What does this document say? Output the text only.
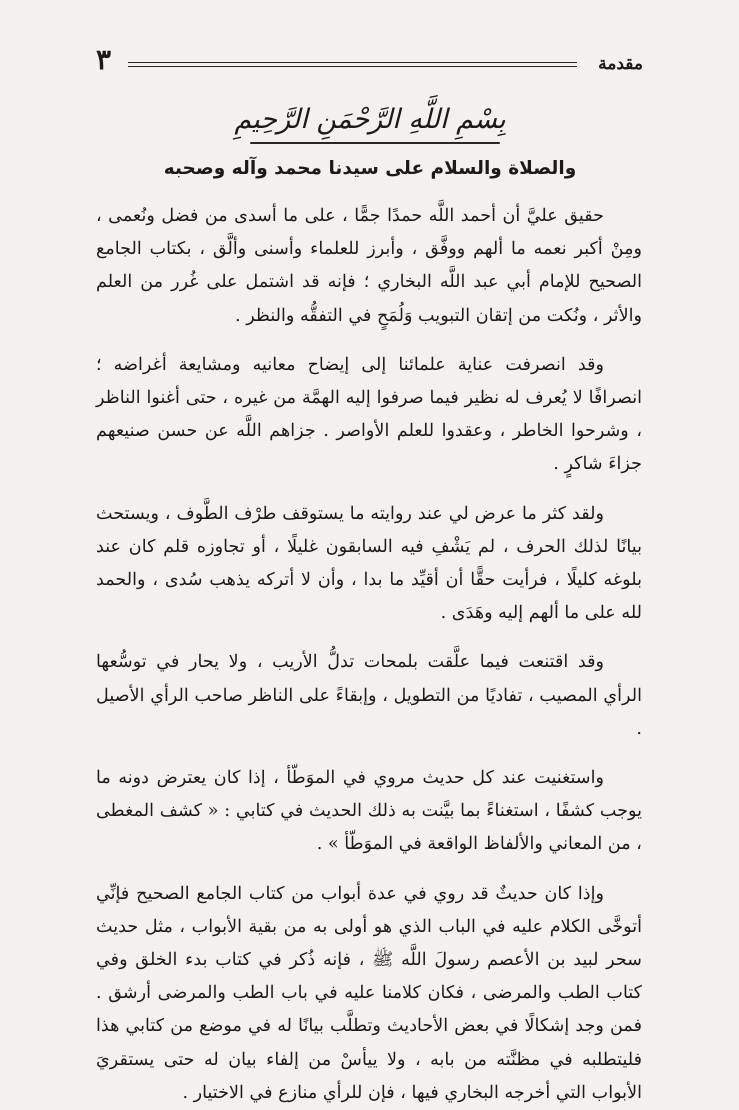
مقدمة
٣
بِسْمِ اللَّهِ الرَّحْمَنِ الرَّحِيمِ
والصلاة والسلام على سيدنا محمد وآله وصحبه

حقيق عليَّ أن أحمد اللَّه حمدًا جمًّا ، على ما أسدى من فضل ونُعمى ، ومِنْ أكبر نعمه ما ألهم ووفَّق ، وأبرز للعلماء وأسنى وألَّق ، بكتاب الجامع الصحيح للإمام أبي عبد اللَّه البخاري ؛ فإنه قد اشتمل على غُرر من العلم والأثر ، ونُكت من إتقان التبويب وَلُمَحٍ في التفقُّه والنظر .

وقد انصرفت عناية علمائنا إلى إيضاح معانيه ومشايعة أغراضه ؛ انصرافًا لا يُعرف له نظير فيما صرفوا إليه الهمَّة من غيره ، حتى أغنوا الناظر ، وشرحوا الخاطر ، وعقدوا للعلم الأواصر . جزاهم اللَّه عن حسن صنيعهم جزاءَ شاكرٍ .

ولقد كثر ما عرض لي عند روايته ما يستوقف طرْف الطَّوف ، ويستحث بيانًا لذلك الحرف ، لم يَشْفِ فيه السابقون غليلًا ، أو تجاوزه قلم كان عند بلوغه كليلًا ، فرأيت حقًّا أن أقيِّد ما بدا ، وأن لا أتركه يذهب سُدى ، والحمد لله على ما ألهم إليه وهَدَى .

وقد اقتنعت فيما علَّقت بلمحات تدلُّ الأريب ، ولا يحار في توسُّعها الرأي المصيب ، تفاديًا من التطويل ، وإبقاءً على الناظر صاحب الرأي الأصيل .

واستغنيت عند كل حديث مروي في الموَطّأ ، إذا كان يعترض دونه ما يوجب كشفًا ، استغناءً بما بيَّنت به ذلك الحديث في كتابي : « كشف المغطى ، من المعاني والألفاظ الواقعة في الموَطّأ » .

وإذا كان حديثٌ قد روي في عدة أبواب من كتاب الجامع الصحيح فإنِّي أتوخَّى الكلام عليه في الباب الذي هو أولى به من بقية الأبواب ، مثل حديث سحر لبيد بن الأعصم رسولَ اللَّه ﷺ ، فإنه ذُكر في كتاب بدء الخلق وفي كتاب الطب والمرضى ، فكان كلامنا عليه في باب الطب والمرضى أرشق . فمن وجد إشكالًا في بعض الأحاديث وتطلَّب بيانًا له في موضع من كتابي هذا فليتطلبه في مظنَّته من بابه ، ولا ييأسْ من إلفاء بيان له حتى يستقريَ الأبواب التي أخرجه البخاري فيها ، فإن للرأي منازع في الاختيار .
